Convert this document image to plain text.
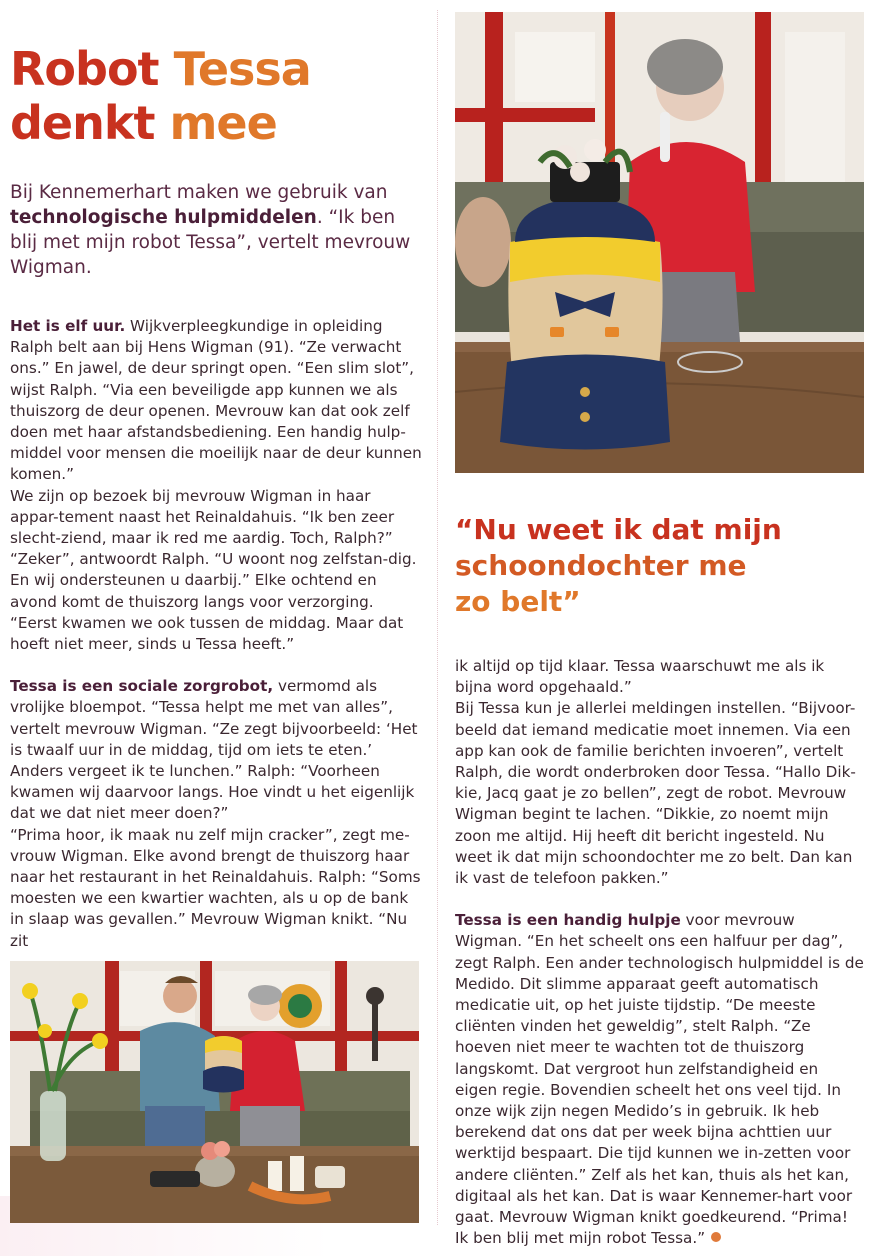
Robot Tessa
denkt mee

Bij Kennemerhart maken we gebruik van technologische hulpmiddelen. “Ik ben blij met mijn robot Tessa”, vertelt mevrouw Wigman.

Het is elf uur. Wijkverpleegkundige in opleiding Ralph belt aan bij Hens Wigman (91). “Ze verwacht ons.” En jawel, de deur springt open. “Een slim slot”, wijst Ralph. “Via een beveiligde app kunnen we als thuiszorg de deur openen. Mevrouw kan dat ook zelf doen met haar afstandsbediening. Een handig hulp-middel voor mensen die moeilijk naar de deur kunnen komen.”

We zijn op bezoek bij mevrouw Wigman in haar appar-tement naast het Reinaldahuis. “Ik ben zeer slecht-ziend, maar ik red me aardig. Toch, Ralph?”

“Zeker”, antwoordt Ralph. “U woont nog zelfstan-dig. En wij ondersteunen u daarbij.” Elke ochtend en avond komt de thuiszorg langs voor verzorging. “Eerst kwamen we ook tussen de middag. Maar dat hoeft niet meer, sinds u Tessa heeft.”

Tessa is een sociale zorgrobot, vermomd als vrolijke bloempot. “Tessa helpt me met van alles”, vertelt mevrouw Wigman. “Ze zegt bijvoorbeeld: ‘Het is twaalf uur in de middag, tijd om iets te eten.’ Anders vergeet ik te lunchen.” Ralph: “Voorheen kwamen wij daarvoor langs. Hoe vindt u het eigenlijk dat we dat niet meer doen?”

“Prima hoor, ik maak nu zelf mijn cracker”, zegt me-vrouw Wigman. Elke avond brengt de thuiszorg haar naar het restaurant in het Reinaldahuis. Ralph: “Soms moesten we een kwartier wachten, als u op de bank in slaap was gevallen.” Mevrouw Wigman knikt. “Nu zit

“Nu weet ik dat mijn
schoondochter me
zo belt”

ik altijd op tijd klaar. Tessa waarschuwt me als ik bijna word opgehaald.”

Bij Tessa kun je allerlei meldingen instellen. “Bijvoor-beeld dat iemand medicatie moet innemen. Via een app kan ook de familie berichten invoeren”, vertelt Ralph, die wordt onderbroken door Tessa. “Hallo Dik-kie, Jacq gaat je zo bellen”, zegt de robot. Mevrouw Wigman begint te lachen. “Dikkie, zo noemt mijn zoon me altijd. Hij heeft dit bericht ingesteld. Nu weet ik dat mijn schoondochter me zo belt. Dan kan ik vast de telefoon pakken.”

Tessa is een handig hulpje voor mevrouw Wigman. “En het scheelt ons een halfuur per dag”, zegt Ralph. Een ander technologisch hulpmiddel is de Medido. Dit slimme apparaat geeft automatisch medicatie uit, op het juiste tijdstip. “De meeste cliënten vinden het geweldig”, stelt Ralph. “Ze hoeven niet meer te wachten tot de thuiszorg langskomt. Dat vergroot hun zelfstandigheid en eigen regie. Bovendien scheelt het ons veel tijd. In onze wijk zijn negen Medido’s in gebruik. Ik heb berekend dat ons dat per week bijna achttien uur werktijd bespaart. Die tijd kunnen we in-zetten voor andere cliënten.” Zelf als het kan, thuis als het kan, digitaal als het kan. Dat is waar Kennemer-hart voor gaat. Mevrouw Wigman knikt goedkeurend. “Prima! Ik ben blij met mijn robot Tessa.”
